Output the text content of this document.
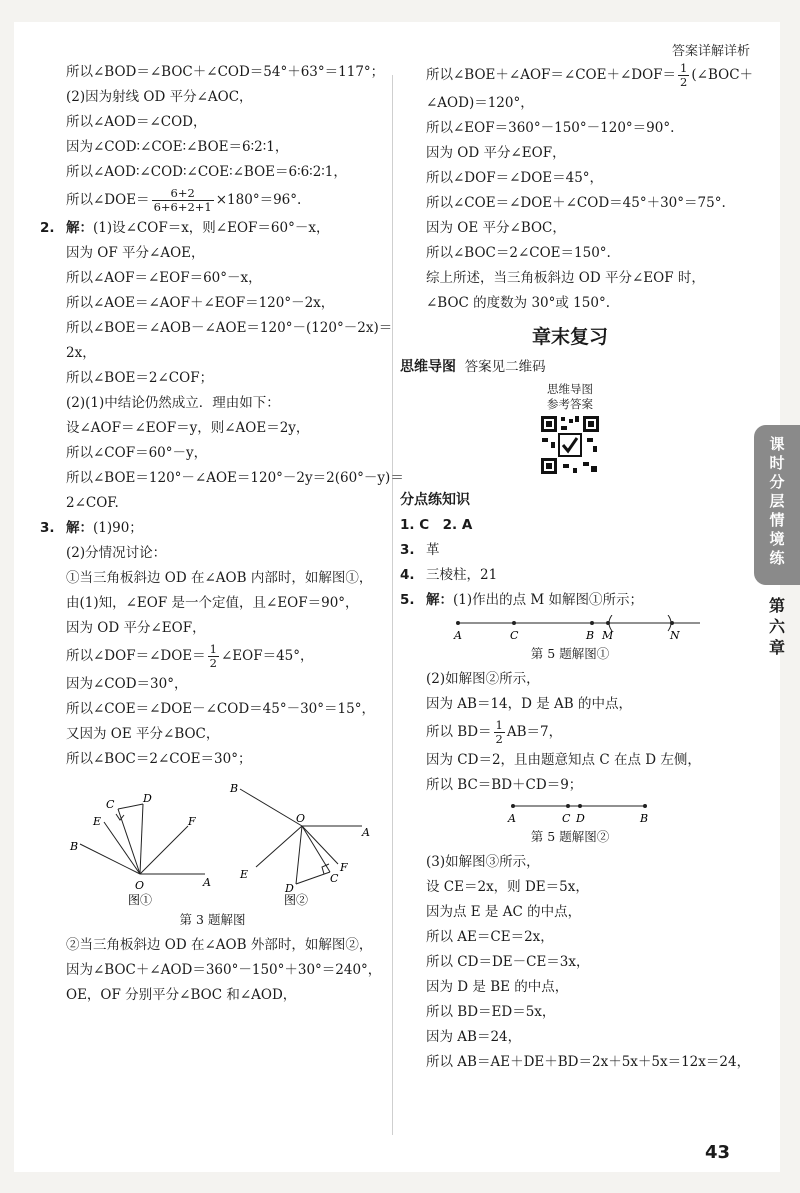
答案详解详析

所以∠BOD＝∠BOC＋∠COD＝54°＋63°＝117°；

(2)因为射线 OD 平分∠AOC，

所以∠AOD＝∠COD，

因为∠COD∶∠COE∶∠BOE＝6∶2∶1，

所以∠AOD∶∠COD∶∠COE∶∠BOE＝6∶6∶2∶1，

所以∠DOE＝ $\frac{6+2}{6+6+2+1} \times 180^\circ=96^\circ$.

2. 解：(1)设∠COF＝x，则∠EOF＝60°－x，

因为 OF 平分∠AOE，

所以∠AOF＝∠EOF＝60°－x，

所以∠AOE＝∠AOF＋∠EOF＝120°－2x，

所以∠BOE＝∠AOB－∠AOE＝120°－(120°－2x)＝

2x，

所以∠BOE＝2∠COF；

(2)(1)中结论仍然成立．理由如下：

设∠AOF＝∠EOF＝y，则∠AOE＝2y，

所以∠COF＝60°－y，

所以∠BOE＝120°－∠AOE＝120°－2y＝2(60°－y)＝

2∠COF.

3. 解：(1)90；

(2)分情况讨论：

①当三角板斜边 OD 在∠AOB 内部时，如解图①，

由(1)知，∠EOF 是一个定值，且∠EOF＝90°，

因为 OD 平分∠EOF，

所以∠DOF＝∠DOE＝ $\frac{1}{2}$ ∠EOF＝45°，

因为∠COD＝30°，

所以∠COE＝∠DOE－∠COD＝45°－30°＝15°，

又因为 OE 平分∠BOC，

所以∠BOC＝2∠COE＝30°；

A
B
C	D
E	F
O
图①
A
B
C
D
E
F
O
图②
第 3 题解图

②当三角板斜边 OD 在∠AOB 外部时，如解图②，

因为∠BOC＋∠AOD＝360°－150°＋30°＝240°，

OE，OF 分别平分∠BOC 和∠AOD，

所以∠BOE＋∠AOF＝∠COE＋∠DOF＝ $\frac{1}{2}$ (∠BOC＋

∠AOD)＝120°，

所以∠EOF＝360°－150°－120°＝90°.

因为 OD 平分∠EOF，

所以∠DOF＝∠DOE＝45°，

所以∠COE＝∠DOE＋∠COD＝45°＋30°＝75°.

因为 OE 平分∠BOC，

所以∠BOC＝2∠COE＝150°.

综上所述，当三角板斜边 OD 平分∠EOF 时，

∠BOC 的度数为 30°或 150°.

章末复习

思维导图 答案见二维码

思维导图
参考答案

分点练知识

1. C　2. A

3. 革

4. 三棱柱，21

5. 解：(1)作出的点 M 如解图①所示；

A	C	B M	N
第 5 题解图①

(2)如解图②所示，

因为 AB＝14，D 是 AB 的中点，

所以 $BD= \frac{1}{2} AB=7$，

因为 CD＝2，且由题意知点 C 在点 D 左侧，

所以 BC＝BD＋CD＝9；

A	C D	B
第 5 题解图②

(3)如解图③所示，

设 CE＝2x，则 DE＝5x，

因为点 E 是 AC 的中点，

所以 AE＝CE＝2x，

所以 CD＝DE－CE＝3x，

因为 D 是 BE 的中点，

所以 BD＝ED＝5x，

因为 AB＝24，

所以 AB＝AE＋DE＋BD＝2x＋5x＋5x＝12x＝24，

课
时
分
层
情
境
练
第
六
章
43
